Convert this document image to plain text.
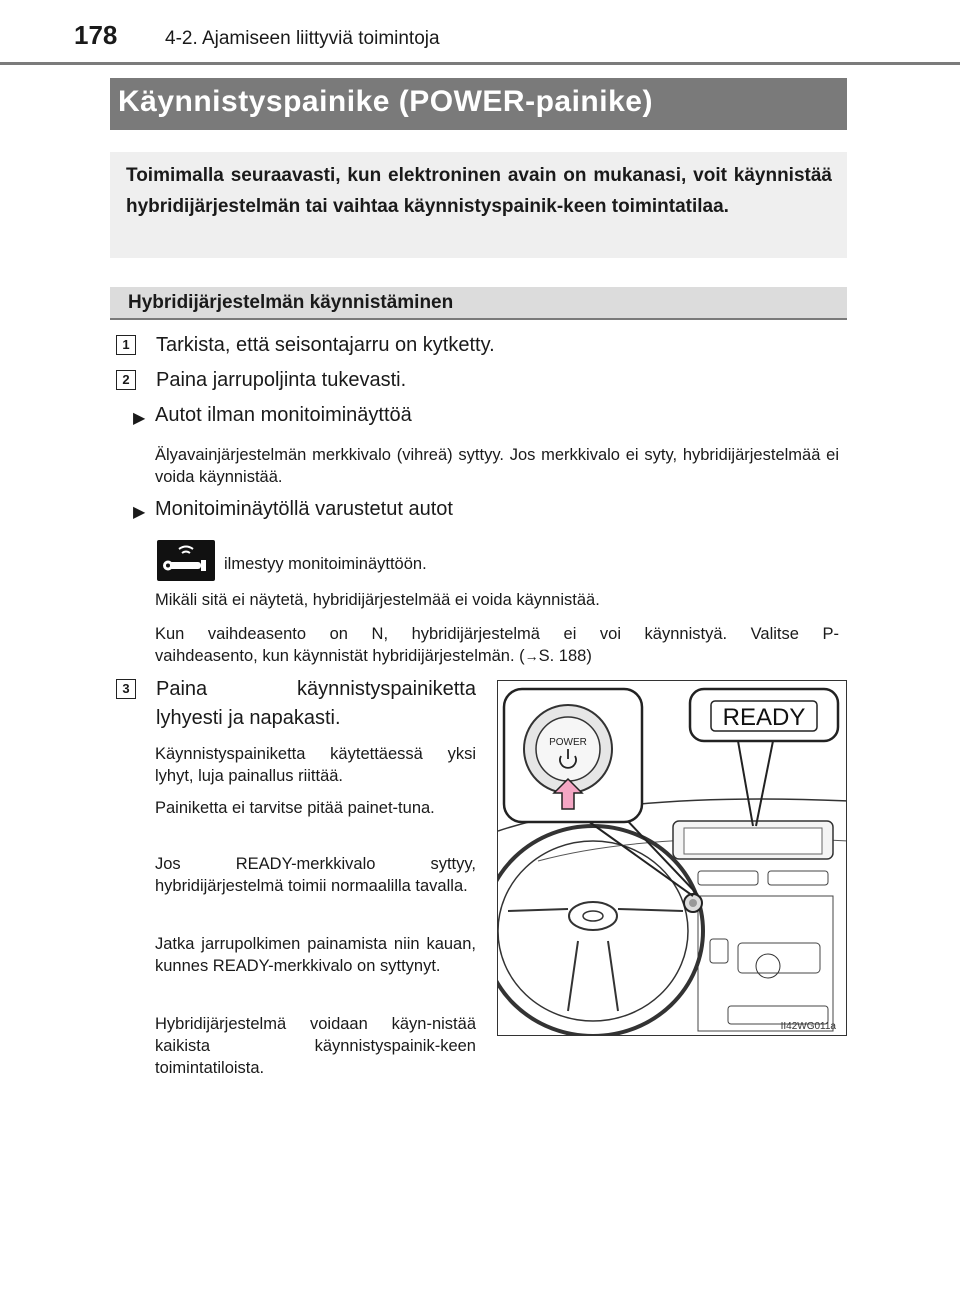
178	4-2. Ajamiseen liittyviä toimintoja
Käynnistyspainike (POWER-painike)
Toimimalla seuraavasti, kun elektroninen avain on mukanasi, voit käynnistää hybridijärjestelmän tai vaihtaa käynnistyspainik-keen toimintatilaa.
Hybridijärjestelmän käynnistäminen
1	Tarkista, että seisontajarru on kytketty.
2	Paina jarrupoljinta tukevasti.
▶ Autot ilman monitoiminäyttöä
Älyavainjärjestelmän merkkivalo (vihreä) syttyy. Jos merkkivalo ei syty, hybridijärjestelmää ei voida käynnistää.
▶ Monitoiminäytöllä varustetut autot
ilmestyy monitoiminäyttöön.
Mikäli sitä ei näytetä, hybridijärjestelmää ei voida käynnistää.
Kun vaihdeasento on N, hybridijärjestelmä ei voi käynnistyä. Valitse P-
vaihdeasento, kun käynnistät hybridijärjestelmän. (→S. 188)
3	Paina käynnistyspainiketta
lyhyesti ja napakasti.
Käynnistyspainiketta käytettäessä yksi lyhyt, luja painallus riittää.
Painiketta ei tarvitse pitää painet-tuna.
Jos READY-merkkivalo syttyy, hybridijärjestelmä toimii normaalilla tavalla.
Jatka jarrupolkimen painamista niin kauan, kunnes READY-merkkivalo on syttynyt.
Hybridijärjestelmä voidaan käyn-nistää kaikista käynnistyspainik-keen toimintatiloista.
POWER
READY
II42WG011a
